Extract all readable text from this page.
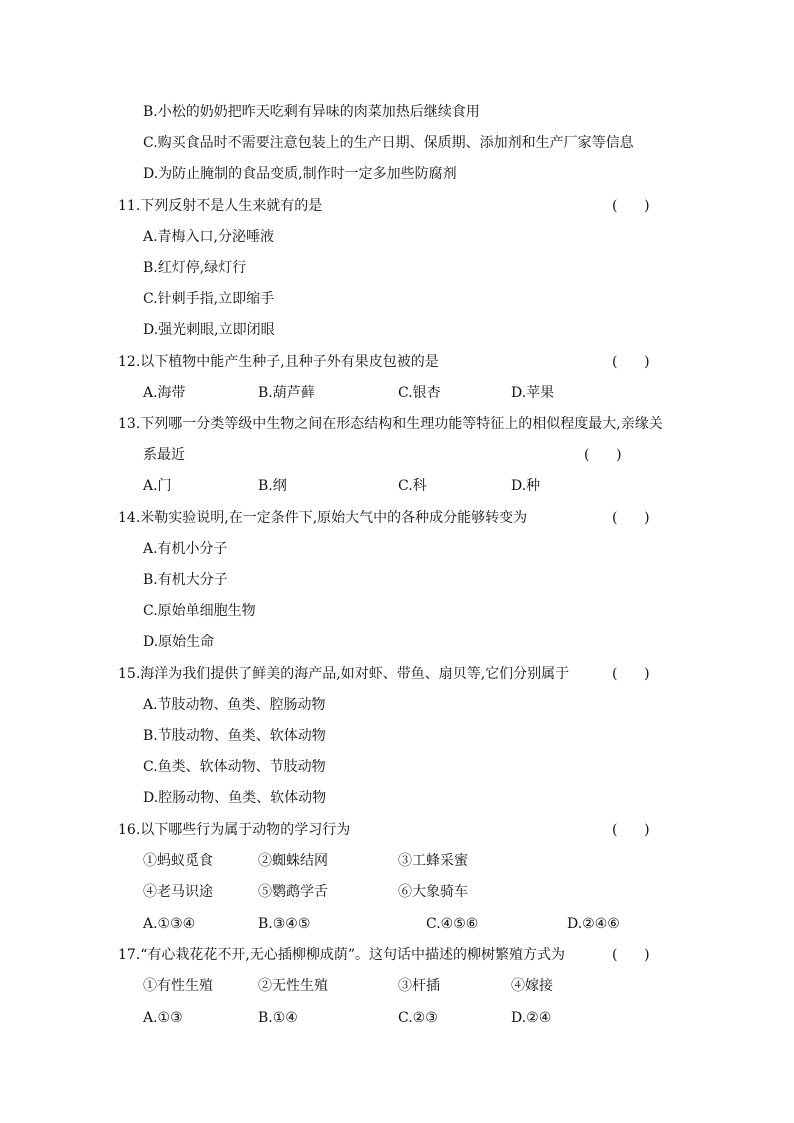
B.小松的奶奶把昨天吃剩有异味的肉菜加热后继续食用
C.购买食品时不需要注意包装上的生产日期、保质期、添加剂和生产厂家等信息
D.为防止腌制的食品变质,制作时一定多加些防腐剂
11.下列反射不是人生来就有的是	(      )
A.青梅入口,分泌唾液
B.红灯停,绿灯行
C.针刺手指,立即缩手
D.强光刺眼,立即闭眼
12.以下植物中能产生种子,且种子外有果皮包被的是	(      )
A.海带	B.葫芦藓	C.银杏	D.苹果
13.下列哪一分类等级中生物之间在形态结构和生理功能等特征上的相似程度最大,亲缘关
系最近	(      )
A.门	B.纲	C.科	D.种
14.米勒实验说明,在一定条件下,原始大气中的各种成分能够转变为	(      )
A.有机小分子
B.有机大分子
C.原始单细胞生物
D.原始生命
15.海洋为我们提供了鲜美的海产品,如对虾、带鱼、扇贝等,它们分别属于	(      )
A.节肢动物、鱼类、腔肠动物
B.节肢动物、鱼类、软体动物
C.鱼类、软体动物、节肢动物
D.腔肠动物、鱼类、软体动物
16.以下哪些行为属于动物的学习行为	(      )
①蚂蚁觅食	②蜘蛛结网	③工蜂采蜜
④老马识途	⑤鹦鹉学舌	⑥大象骑车
A.①③④	B.③④⑤	C.④⑤⑥	D.②④⑥
17.“有心栽花花不开,无心插柳柳成荫”。这句话中描述的柳树繁殖方式为	(      )
①有性生殖	②无性生殖	③杆插	④嫁接
A.①③	B.①④	C.②③	D.②④
